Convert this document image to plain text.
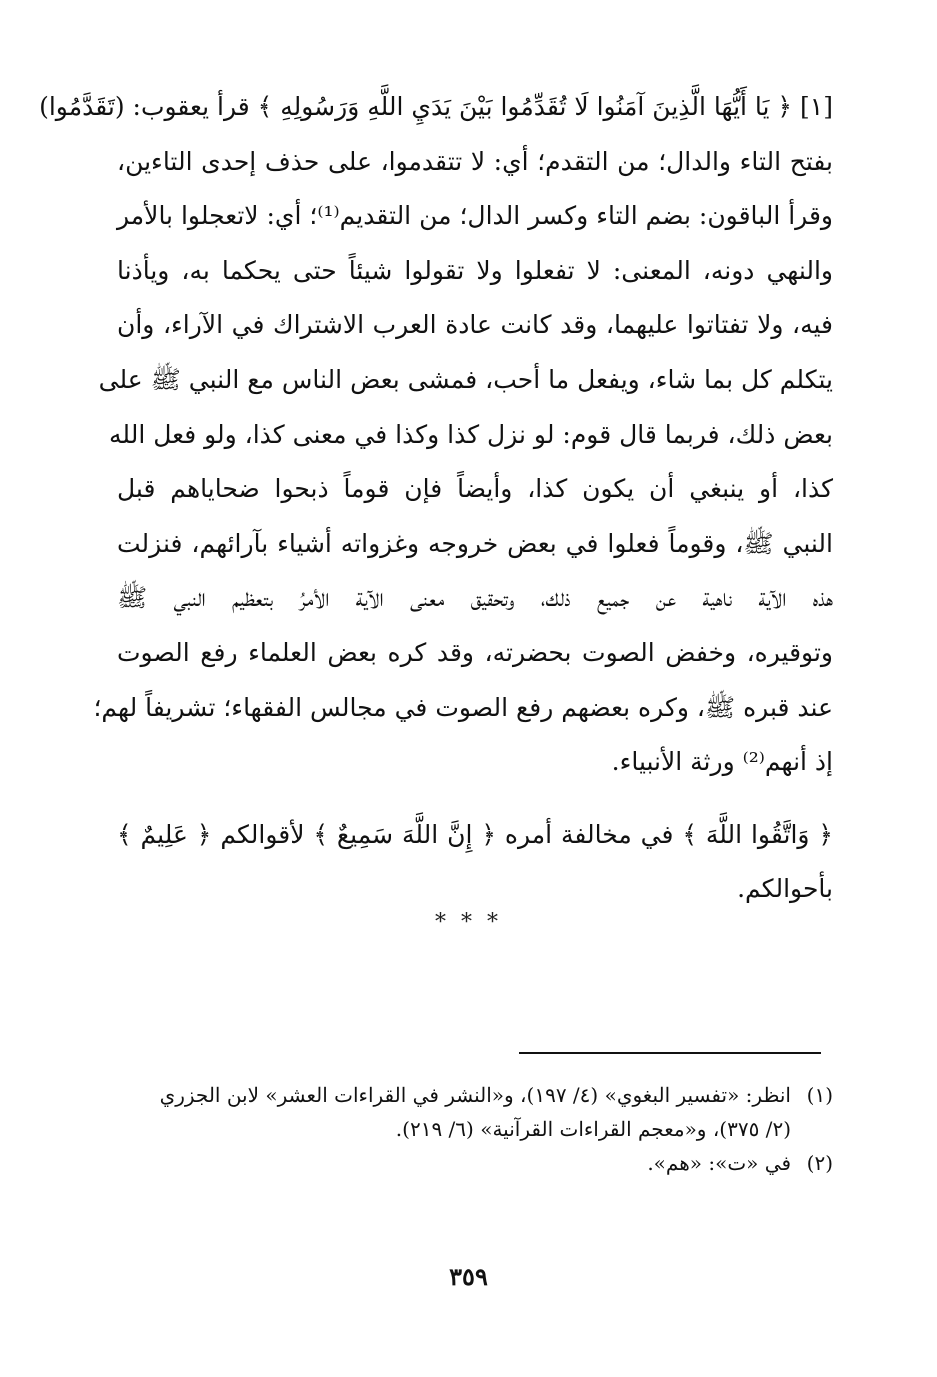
[١] ﴿ يَا أَيُّهَا الَّذِينَ آمَنُوا لَا تُقَدِّمُوا بَيْنَ يَدَيِ اللَّهِ وَرَسُولِهِ ﴾ قرأ يعقوب: (تَقَدَّمُوا)
بفتح التاء والدال؛ من التقدم؛ أي: لا تتقدموا، على حذف إحدى التاءين،
وقرأ الباقون: بضم التاء وكسر الدال؛ من التقديم⁽¹⁾؛ أي: لاتعجلوا بالأمر
والنهي دونه، المعنى: لا تفعلوا ولا تقولوا شيئاً حتى يحكما به، ويأذنا
فيه، ولا تفتاتوا عليهما، وقد كانت عادة العرب الاشتراك في الآراء، وأن
يتكلم كل بما شاء، ويفعل ما أحب، فمشى بعض الناس مع النبي ﷺ على
بعض ذلك، فربما قال قوم: لو نزل كذا وكذا في معنى كذا، ولو فعل الله
كذا، أو ينبغي أن يكون كذا، وأيضاً فإن قوماً ذبحوا ضحاياهم قبل
النبي ﷺ، وقوماً فعلوا في بعض خروجه وغزواته أشياء بآرائهم، فنزلت
هذه الآية ناهية عن جميع ذلك، وتحقيق معنى الآية الأمرُ بتعظيم النبي ﷺ
وتوقيره، وخفض الصوت بحضرته، وقد كره بعض العلماء رفع الصوت
عند قبره ﷺ، وكره بعضهم رفع الصوت في مجالس الفقهاء؛ تشريفاً لهم؛
إذ أنهم⁽²⁾ ورثة الأنبياء.
﴿ وَاتَّقُوا اللَّهَ ﴾ في مخالفة أمره ﴿ إِنَّ اللَّهَ سَمِيعٌ ﴾ لأقوالكم ﴿ عَلِيمٌ ﴾
بأحوالكم.
* * *
(١)انظر: «تفسير البغوي» (٤/ ١٩٧)، و«النشر في القراءات العشر» لابن الجزري
(٢/ ٣٧٥)، و«معجم القراءات القرآنية» (٦/ ٢١٩).
(٢)في «ت»: «هم».
٣٥٩
